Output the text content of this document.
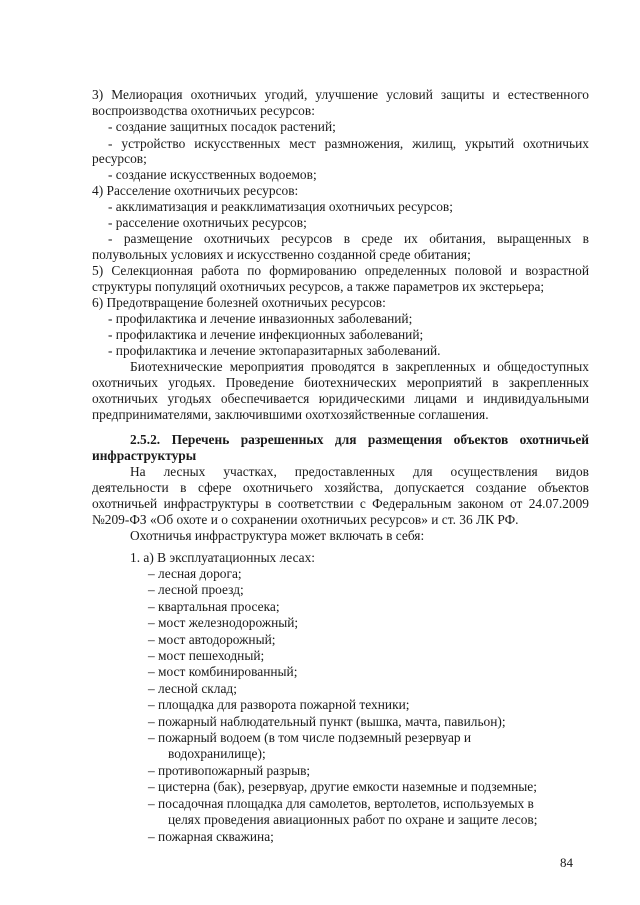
3) Мелиорация охотничьих угодий, улучшение условий защиты и естественного
воспроизводства охотничьих ресурсов:
- создание защитных посадок растений;
- устройство искусственных мест размножения, жилищ, укрытий охотничьих
ресурсов;
- создание искусственных водоемов;
4) Расселение охотничьих ресурсов:
- акклиматизация и реакклиматизация охотничьих ресурсов;
- расселение охотничьих ресурсов;
- размещение охотничьих ресурсов в среде их обитания, выращенных в
полувольных условиях и искусственно созданной среде обитания;
5) Селекционная работа по формированию определенных половой и возрастной
структуры популяций охотничьих ресурсов, а также параметров их экстерьера;
6) Предотвращение болезней охотничьих ресурсов:
- профилактика и лечение инвазионных заболеваний;
- профилактика и лечение инфекционных заболеваний;
- профилактика и лечение эктопаразитарных заболеваний.
Биотехнические мероприятия проводятся в закрепленных и общедоступных
охотничьих угодьях. Проведение биотехнических мероприятий в закрепленных
охотничьих угодьях обеспечивается юридическими лицами и индивидуальными
предпринимателями, заключившими охотхозяйственные соглашения.
2.5.2. Перечень разрешенных для размещения объектов охотничьей
инфраструктуры
На лесных участках, предоставленных для осуществления видов
деятельности в сфере охотничьего хозяйства, допускается создание объектов
охотничьей инфраструктуры в соответствии с Федеральным законом от 24.07.2009
№209-ФЗ «Об охоте и о сохранении охотничьих ресурсов» и ст. 36 ЛК РФ.
Охотничья инфраструктура может включать в себя:
1. а) В эксплуатационных лесах:
– лесная дорога;
– лесной проезд;
– квартальная просека;
– мост железнодорожный;
– мост автодорожный;
– мост пешеходный;
– мост комбинированный;
– лесной склад;
– площадка для разворота пожарной техники;
– пожарный наблюдательный пункт (вышка, мачта, павильон);
– пожарный водоем (в том числе подземный резервуар и
водохранилище);
– противопожарный разрыв;
– цистерна (бак), резервуар, другие емкости наземные и подземные;
– посадочная площадка для самолетов, вертолетов, используемых в
целях проведения авиационных работ по охране и защите лесов;
– пожарная скважина;
84
